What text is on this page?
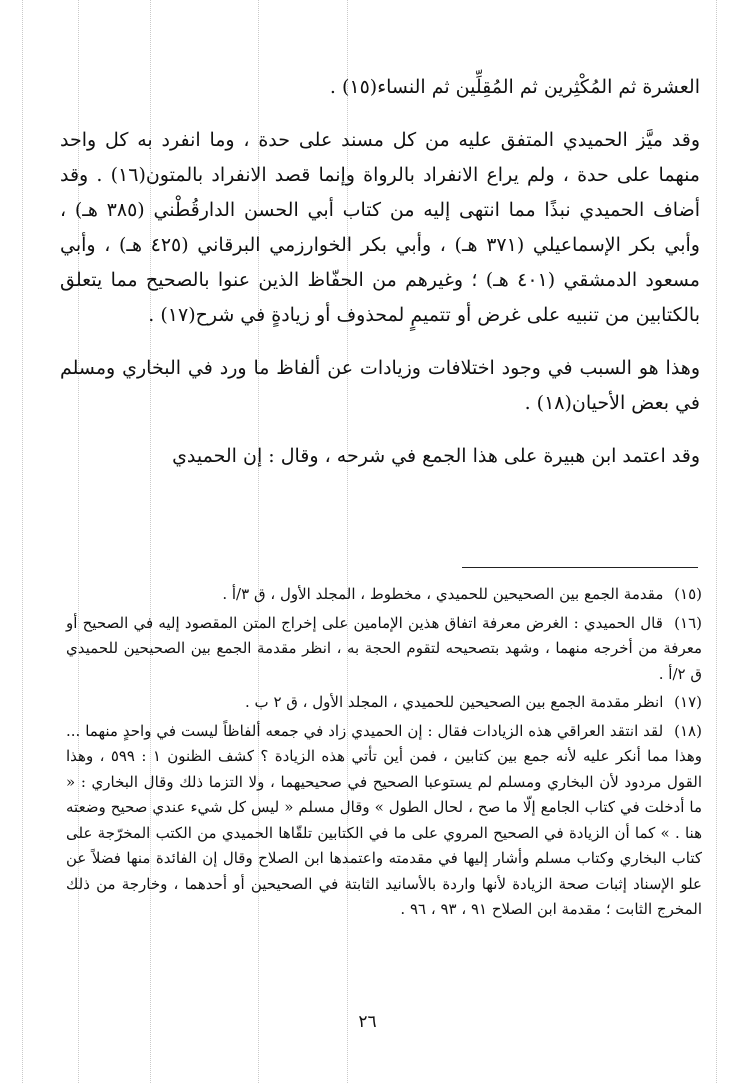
العشرة ثم المُكْثِرين ثم المُقِلِّين ثم النساء(١٥) .

وقد ميَّز الحميدي المتفق عليه من كل مسند على حدة ، وما انفرد به كل واحد منهما على حدة ، ولم يراع الانفراد بالرواة وإنما قصد الانفراد بالمتون(١٦) . وقد أضاف الحميدي نبذًا مما انتهى إليه من كتاب أبي الحسن الدارقُطْني (٣٨٥ هـ) ، وأبي بكر الإسماعيلي (٣٧١ هـ) ، وأبي بكر الخوارزمي البرقاني (٤٢٥ هـ) ، وأبي مسعود الدمشقي (٤٠١ هـ) ؛ وغيرهم من الحفّاظ الذين عنوا بالصحيح مما يتعلق بالكتابين من تنبيه على غرض أو تتميمٍ لمحذوف أو زيادةٍ في شرح(١٧) .

وهذا هو السبب في وجود اختلافات وزيادات عن ألفاظ ما ورد في البخاري ومسلم في بعض الأحيان(١٨) .

وقد اعتمد ابن هبيرة على هذا الجمع في شرحه ، وقال : إن الحميدي

(١٥) مقدمة الجمع بين الصحيحين للحميدي ، مخطوط ، المجلد الأول ، ق ٣/أ .

(١٦) قال الحميدي : الغرض معرفة اتفاق هذين الإمامين على إخراج المتن المقصود إليه في الصحيح أو معرفة من أخرجه منهما ، وشهد بتصحيحه لتقوم الحجة به ، انظر مقدمة الجمع بين الصحيحين للحميدي ق ٢/أ .

(١٧) انظر مقدمة الجمع بين الصحيحين للحميدي ، المجلد الأول ، ق ٢ ب .

(١٨) لقد انتقد العراقي هذه الزيادات فقال : إن الحميدي زاد في جمعه ألفاظاً ليست في واحدٍ منهما ... وهذا مما أنكر عليه لأنه جمع بين كتابين ، فمن أين تأتي هذه الزيادة ؟ كشف الظنون ١ : ٥٩٩ ، وهذا القول مردود لأن البخاري ومسلم لم يستوعبا الصحيح في صحيحيهما ، ولا التزما ذلك وقال البخاري : « ما أدخلت في كتاب الجامع إلّا ما صح ، لحال الطول » وقال مسلم « ليس كل شيء عندي صحيح وضعته هنا . » كما أن الزيادة في الصحيح المروي على ما في الكتابين تلقّاها الحميدي من الكتب المخرّجة على كتاب البخاري وكتاب مسلم وأشار إليها في مقدمته واعتمدها ابن الصلاح وقال إن الفائدة منها فضلاً عن علو الإسناد إثبات صحة الزيادة لأنها واردة بالأسانيد الثابتة في الصحيحين أو أحدهما ، وخارجة من ذلك المخرج الثابت ؛ مقدمة ابن الصلاح ٩١ ، ٩٣ ، ٩٦ .

٢٦
